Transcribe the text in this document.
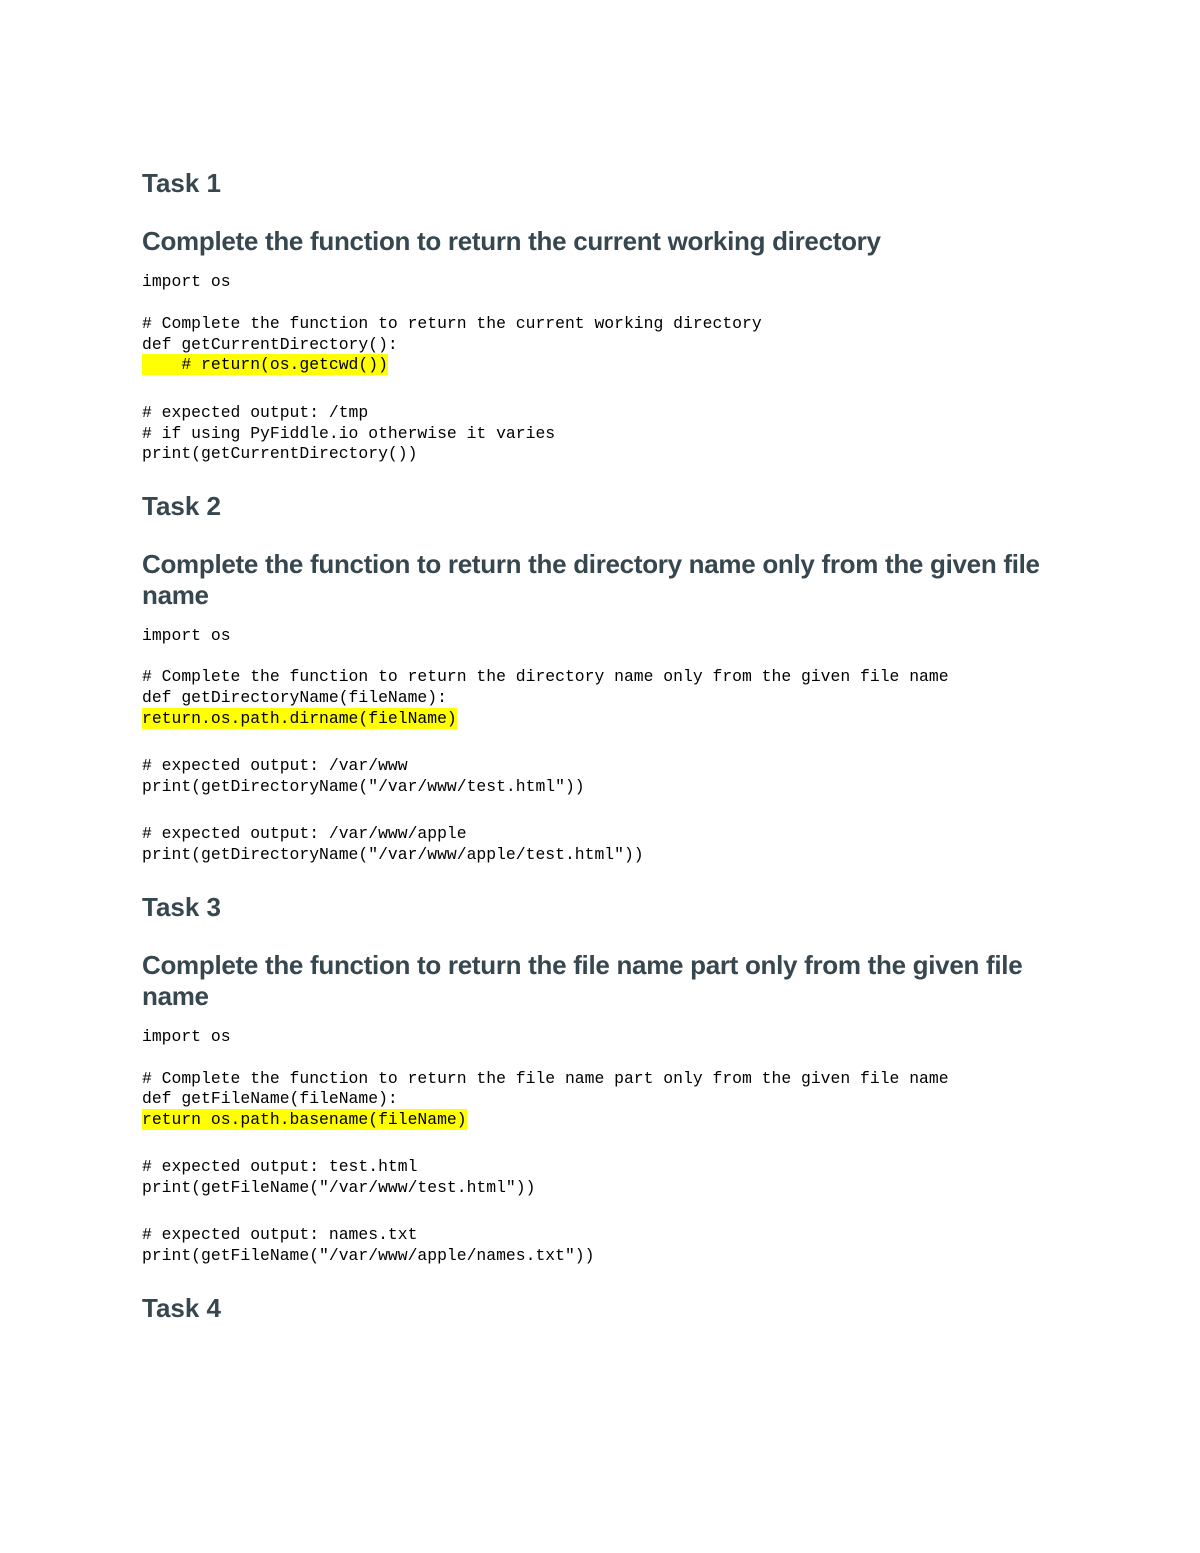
Task 1
Complete the function to return the current working directory
import os
# Complete the function to return the current working directory
def getCurrentDirectory():
# return(os.getcwd())
# expected output: /tmp
# if using PyFiddle.io otherwise it varies
print(getCurrentDirectory())
Task 2
Complete the function to return the directory name only from the given file name
import os
# Complete the function to return the directory name only from the given file name
def getDirectoryName(fileName):
return.os.path.dirname(fielName)
# expected output: /var/www
print(getDirectoryName("/var/www/test.html"))
# expected output: /var/www/apple
print(getDirectoryName("/var/www/apple/test.html"))
Task 3
Complete the function to return the file name part only from the given file name
import os
# Complete the function to return the file name part only from the given file name
def getFileName(fileName):
return os.path.basename(fileName)
# expected output: test.html
print(getFileName("/var/www/test.html"))
# expected output: names.txt
print(getFileName("/var/www/apple/names.txt"))
Task 4
